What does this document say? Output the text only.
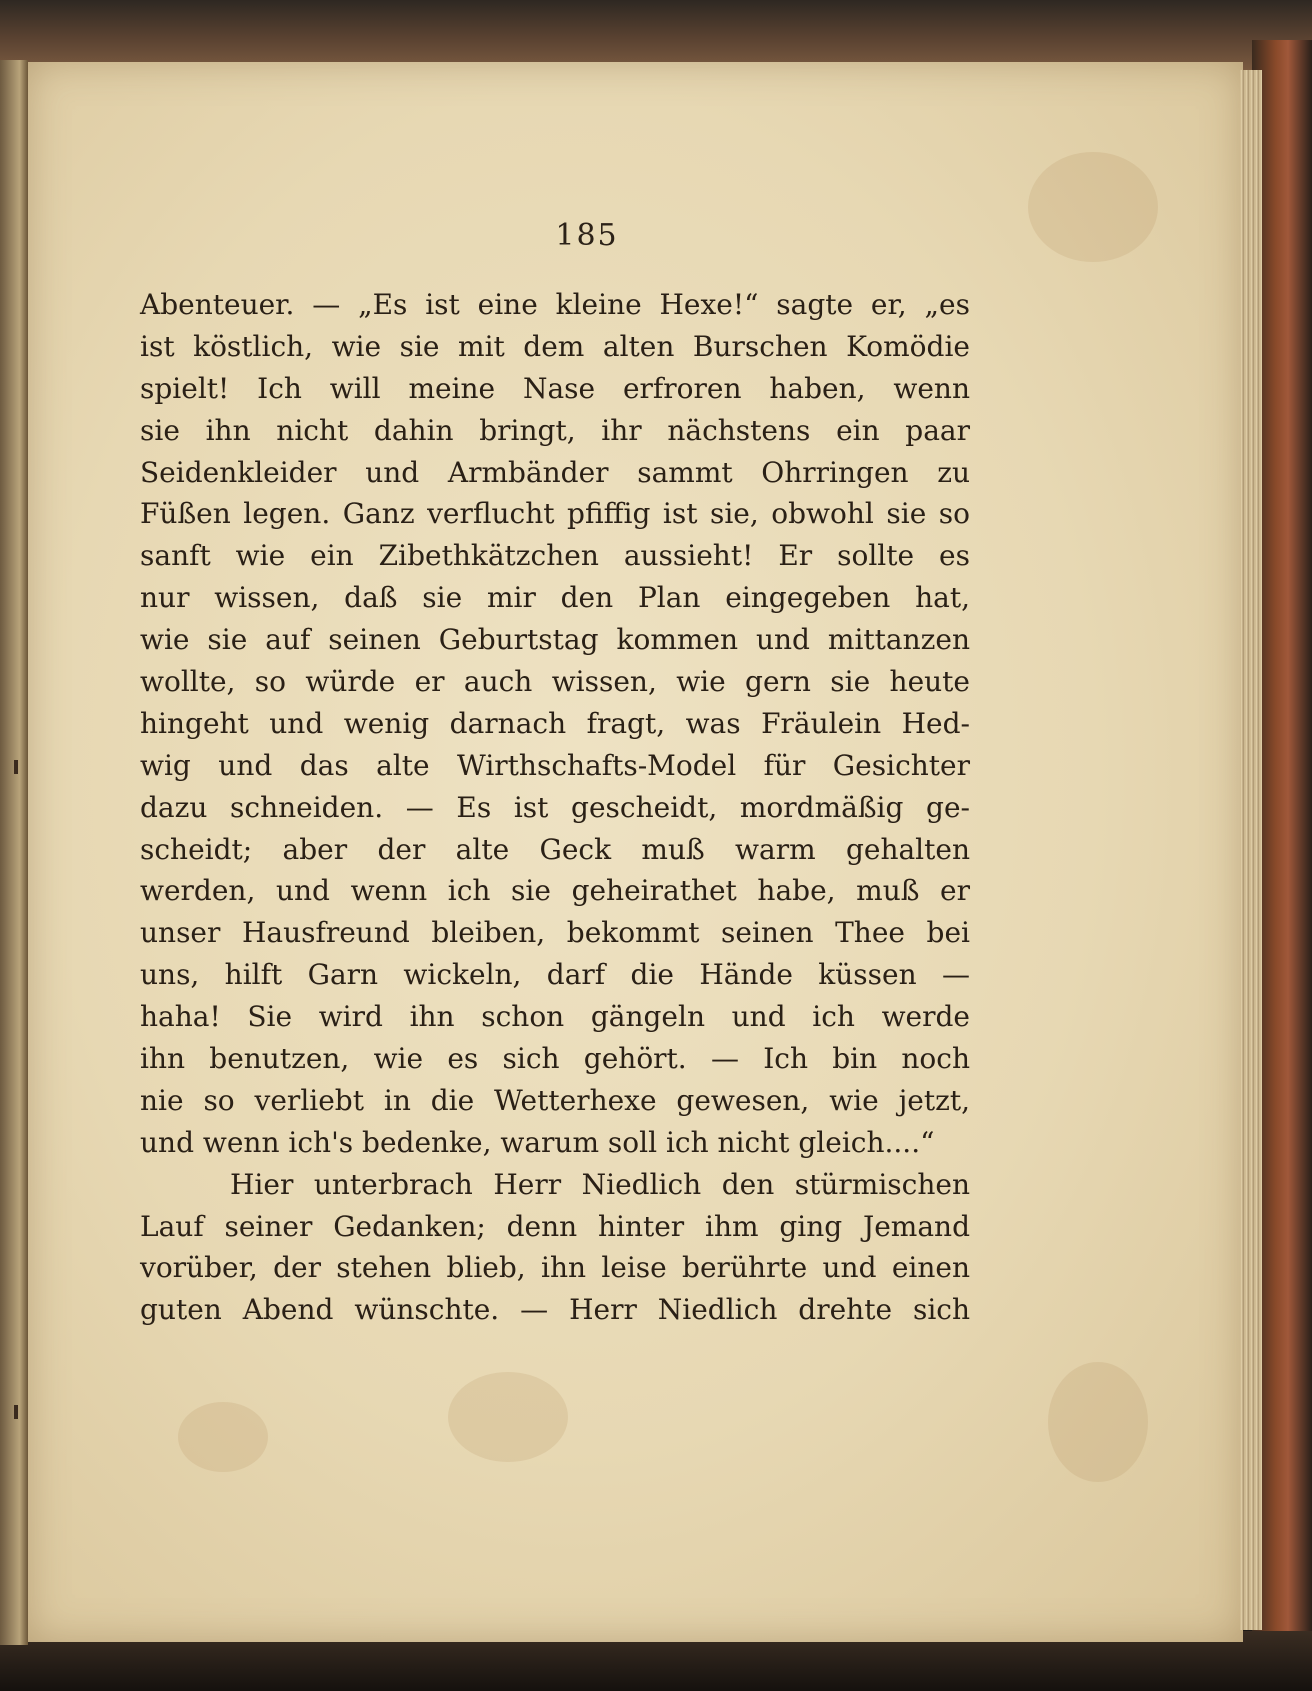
185
Abenteuer. — „Es ist eine kleine Hexe!“ sagte er, „es
ist köstlich, wie sie mit dem alten Burschen Komödie
spielt! Ich will meine Nase erfroren haben, wenn
sie ihn nicht dahin bringt, ihr nächstens ein paar
Seidenkleider und Armbänder sammt Ohrringen zu
Füßen legen. Ganz verflucht pfiffig ist sie, obwohl sie so
sanft wie ein Zibethkätzchen aussieht! Er sollte es
nur wissen, daß sie mir den Plan eingegeben hat,
wie sie auf seinen Geburtstag kommen und mittanzen
wollte, so würde er auch wissen, wie gern sie heute
hingeht und wenig darnach fragt, was Fräulein Hed-
wig und das alte Wirthschafts-Model für Gesichter
dazu schneiden. — Es ist gescheidt, mordmäßig ge-
scheidt; aber der alte Geck muß warm gehalten
werden, und wenn ich sie geheirathet habe, muß er
unser Hausfreund bleiben, bekommt seinen Thee bei
uns, hilft Garn wickeln, darf die Hände küssen —
haha! Sie wird ihn schon gängeln und ich werde
ihn benutzen, wie es sich gehört. — Ich bin noch
nie so verliebt in die Wetterhexe gewesen, wie jetzt,
und wenn ich's bedenke, warum soll ich nicht gleich....“
Hier unterbrach Herr Niedlich den stürmischen
Lauf seiner Gedanken; denn hinter ihm ging Jemand
vorüber, der stehen blieb, ihn leise berührte und einen
guten Abend wünschte. — Herr Niedlich drehte sich
